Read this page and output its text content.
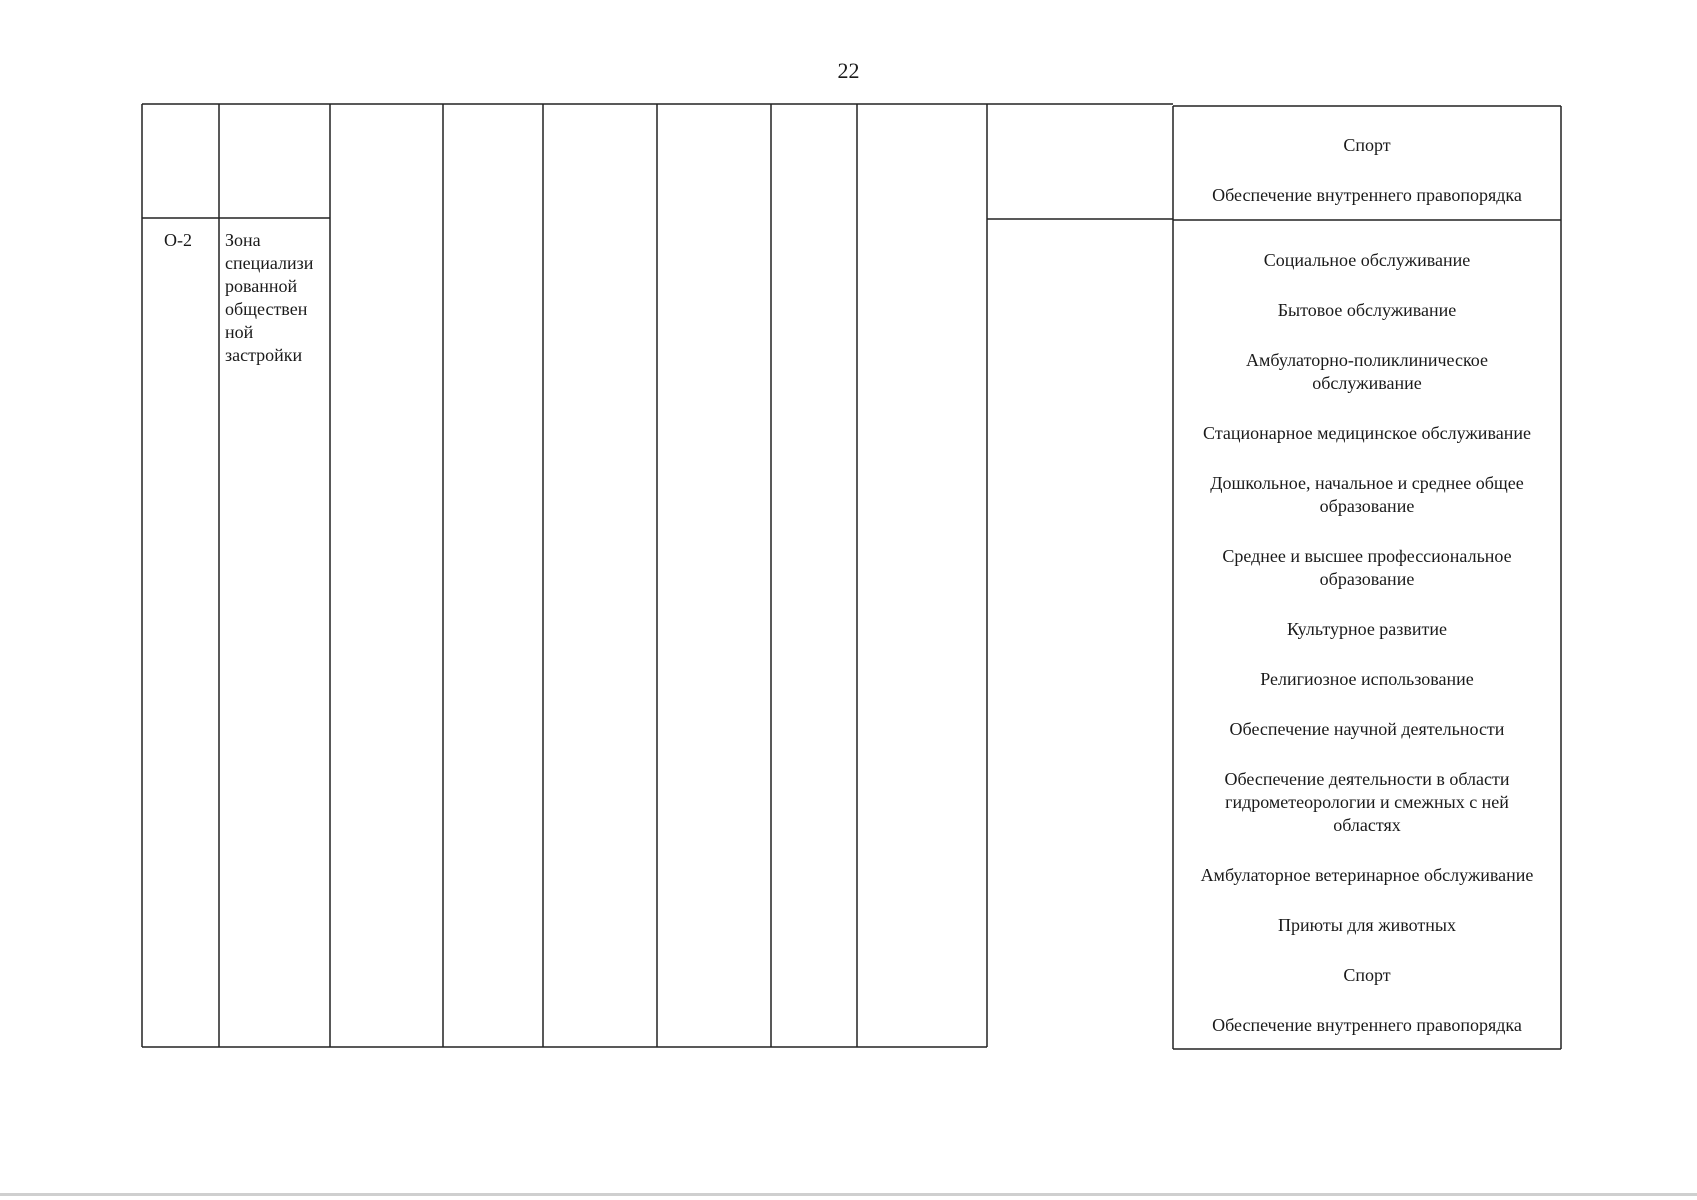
22
О-2	Зона
специализи
рованной
обществен
ной
застройки

Спорт

Обеспечение внутреннего правопорядка

Социальное обслуживание

Бытовое обслуживание

Амбулаторно-поликлиническое обслуживание

Стационарное медицинское обслуживание

Дошкольное, начальное и среднее общее образование

Среднее и высшее профессиональное образование

Культурное развитие

Религиозное использование

Обеспечение научной деятельности

Обеспечение деятельности в области гидрометеорологии и смежных с ней областях

Амбулаторное ветеринарное обслуживание

Приюты для животных

Спорт

Обеспечение внутреннего правопорядка
